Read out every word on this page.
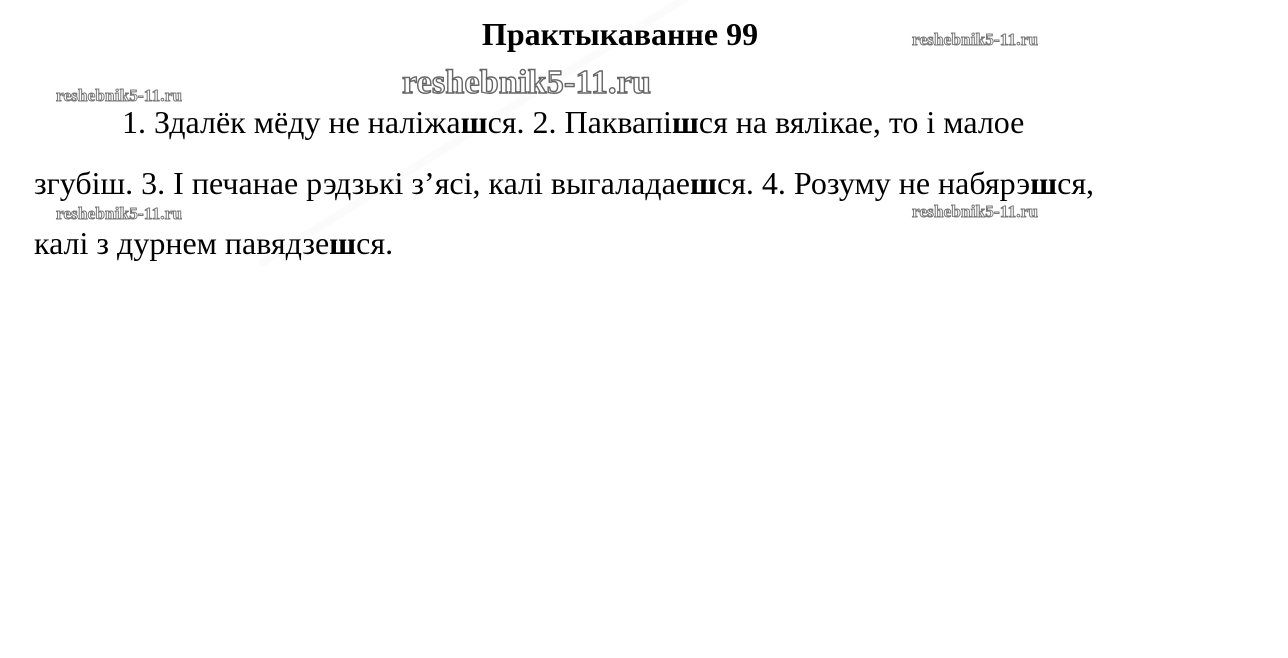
Практыкаванне 99	reshebnik5-11.ru
reshebnik5-11.ru	reshebnik5-11.ru
reshebnik5-11.ru	reshebnik5-11.ru
1. Здалёк мёду не наліжашся. 2. Паквапішся на вялікае, то і малое
згубіш. 3. І печанае рэдзькі з’ясі, калі выгаладаешся. 4. Розуму не набярэшся,
калі з дурнем павядзешся.
